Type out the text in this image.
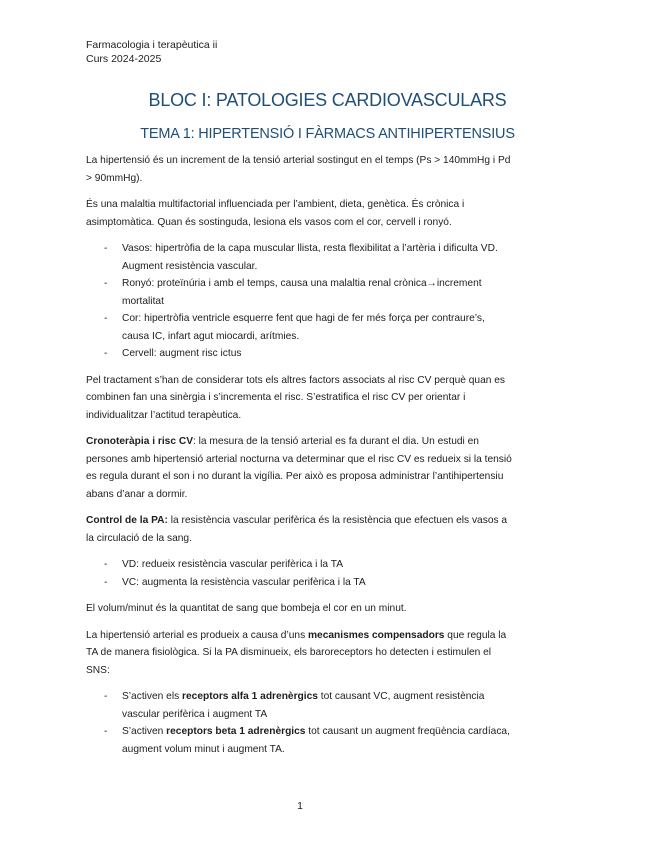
Farmacologia i terapèutica ii
Curs 2024-2025
BLOC I: PATOLOGIES CARDIOVASCULARS
TEMA 1: HIPERTENSIÓ I FÀRMACS ANTIHIPERTENSIUS

La hipertensió és un increment de la tensió arterial sostingut en el temps (Ps > 140mmHg i Pd > 90mmHg).

És una malaltia multifactorial influenciada per l’ambient, dieta, genètica. És crònica i asimptomàtica. Quan és sostinguda, lesiona els vasos com el cor, cervell i ronyó.

- Vasos: hipertròfia de la capa muscular llista, resta flexibilitat a l’artèria i dificulta VD. Augment resistència vascular.
- Ronyó: proteïnúria i amb el temps, causa una malaltia renal crònica→increment mortalitat
- Cor: hipertròfia ventricle esquerre fent que hagi de fer més força per contraure’s, causa IC, infart agut miocardi, arítmies.
- Cervell: augment risc ictus

Pel tractament s’han de considerar tots els altres factors associats al risc CV perquè quan es combinen fan una sinèrgia i s’incrementa el risc. S’estratifica el risc CV per orientar i individualitzar l’actitud terapèutica.

Cronoteràpia i risc CV: la mesura de la tensió arterial es fa durant el dia. Un estudi en persones amb hipertensió arterial nocturna va determinar que el risc CV es redueix si la tensió es regula durant el son i no durant la vigília. Per això es proposa administrar l’antihipertensiu abans d’anar a dormir.

Control de la PA: la resistència vascular perifèrica és la resistència que efectuen els vasos a la circulació de la sang.

- VD: redueix resistència vascular perifèrica i la TA
- VC: augmenta la resistència vascular perifèrica i la TA

El volum/minut és la quantitat de sang que bombeja el cor en un minut.

La hipertensió arterial es produeix a causa d’uns mecanismes compensadors que regula la TA de manera fisiològica. Si la PA disminueix, els baroreceptors ho detecten i estimulen el SNS:

- S’activen els receptors alfa 1 adrenèrgics tot causant VC, augment resistència vascular perifèrica i augment TA
- S’activen receptors beta 1 adrenèrgics tot causant un augment freqüència cardíaca, augment volum minut i augment TA.
1
